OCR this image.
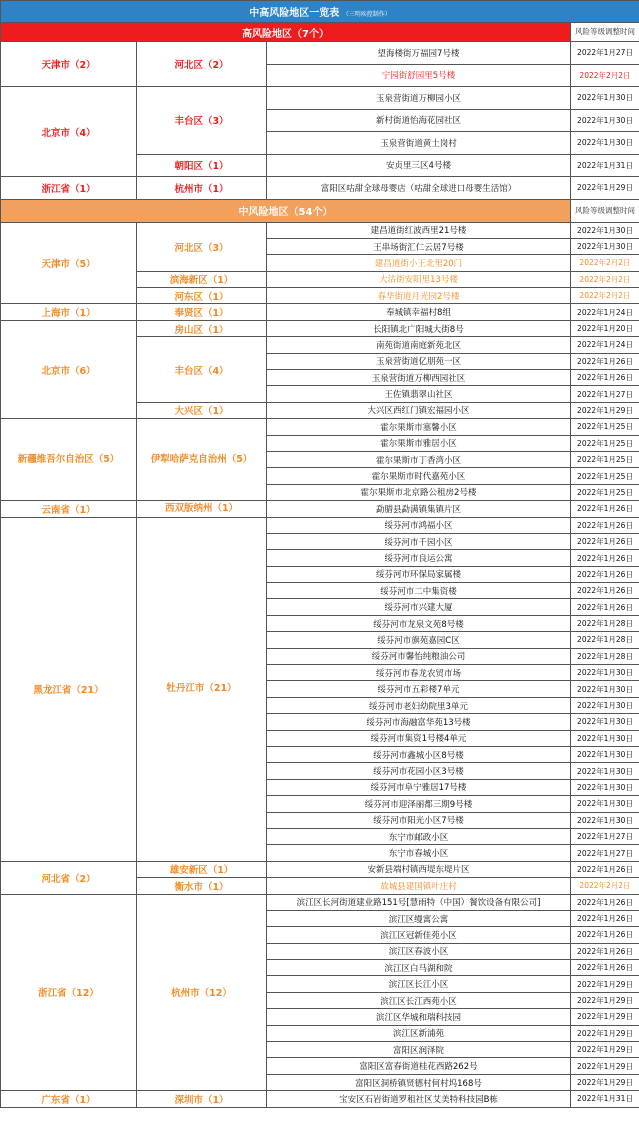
中高风险地区一览表 （三明疾控制作）			
高风险地区（7个）			风险等级调整时间
天津市（2）	河北区（2）	望海楼街万福园7号楼	2022年1月27日
		宁园街舒园里5号楼	2022年2月2日
北京市（4）	丰台区（3）	玉泉营街道万柳园小区	2022年1月30日
		新村街道怡海花园社区	2022年1月30日
		玉泉营街道黄土岗村	2022年1月30日
	朝阳区（1）	安贞里三区4号楼	2022年1月31日
浙江省（1）	杭州市（1）	富阳区咕甜全球母婴店（咕甜全球进口母婴生活馆）	2022年1月29日
中风险地区（54个）			风险等级调整时间
天津市（5）	河北区（3）	建昌道街红波西里21号楼	2022年1月30日
		王串场街汇仁云居7号楼	2022年1月30日
		建昌道街小王北里20门	2022年2月2日
	滨海新区（1）	大沽街安阳里13号楼	2022年2月2日
	河东区（1）	春华街道月光园2号楼	2022年2月2日
上海市（1）	奉贤区（1）	奉城镇幸福村8组	2022年1月24日
北京市（6）	房山区（1）	长阳镇北广阳城大街8号	2022年1月20日
	丰台区（4）	南苑街道南庭新苑北区	2022年1月24日
		玉泉营街道亿朋苑一区	2022年1月26日
		玉泉营街道万柳西园社区	2022年1月26日
		王佐镇翡翠山社区	2022年1月27日
	大兴区（1）	大兴区西红门镇宏福园小区	2022年1月29日
新疆维吾尔自治区（5）	伊犁哈萨克自治州（5）	霍尔果斯市塞馨小区	2022年1月25日
		霍尔果斯市雅居小区	2022年1月25日
		霍尔果斯市丁香湾小区	2022年1月25日
		霍尔果斯市时代嘉苑小区	2022年1月25日
		霍尔果斯市北京路公租房2号楼	2022年1月25日
云南省（1）	西双版纳州（1）	勐腊县勐满镇集镇片区	2022年1月26日
黑龙江省（21）	牡丹江市（21）	绥芬河市鸿福小区	2022年1月26日
		绥芬河市千园小区	2022年1月26日
		绥芬河市良运公寓	2022年1月26日
		绥芬河市环保局家属楼	2022年1月26日
		绥芬河市二中集资楼	2022年1月26日
		绥芬河市兴建大厦	2022年1月26日
		绥芬河市龙泉文苑8号楼	2022年1月28日
		绥芬河市旗苑嘉园C区	2022年1月28日
		绥芬河市馨怡纯粮油公司	2022年1月28日
		绥芬河市春龙农贸市场	2022年1月30日
		绥芬河市五彩楼7单元	2022年1月30日
		绥芬河市老妇幼院里3单元	2022年1月30日
		绥芬河市海融富华苑13号楼	2022年1月30日
		绥芬河市集资1号楼4单元	2022年1月30日
		绥芬河市鑫城小区8号楼	2022年1月30日
		绥芬河市花园小区3号楼	2022年1月30日
		绥芬河市阜宁雅居17号楼	2022年1月30日
		绥芬河市迎泽丽都三期9号楼	2022年1月30日
		绥芬河市阳光小区7号楼	2022年1月30日
		东宁市邮政小区	2022年1月27日
		东宁市春城小区	2022年1月27日
河北省（2）	雄安新区（1）	安新县端村镇西堤东堤片区	2022年1月26日
	衡水市（1）	故城县建国镇叶庄村	2022年2月2日
浙江省（12）	杭州市（12）	滨江区长河街道建业路151号[慧雨特（中国）餐饮设备有限公司]	2022年1月26日
		滨江区缦寓公寓	2022年1月26日
		滨江区冠新佳苑小区	2022年1月26日
		滨江区春波小区	2022年1月26日
		滨江区白马湖和院	2022年1月26日
		滨江区长江小区	2022年1月29日
		滨江区长江西苑小区	2022年1月29日
		滨江区华城和瑞科技园	2022年1月29日
		滨江区新浦苑	2022年1月29日
		富阳区润泽院	2022年1月29日
		富阳区富春街道桂花西路262号	2022年1月29日
		富阳区洞桥镇贤德村何村坞168号	2022年1月29日
广东省（1）	深圳市（1）	宝安区石岩街道罗租社区艾美特科技园B栋	2022年1月31日
